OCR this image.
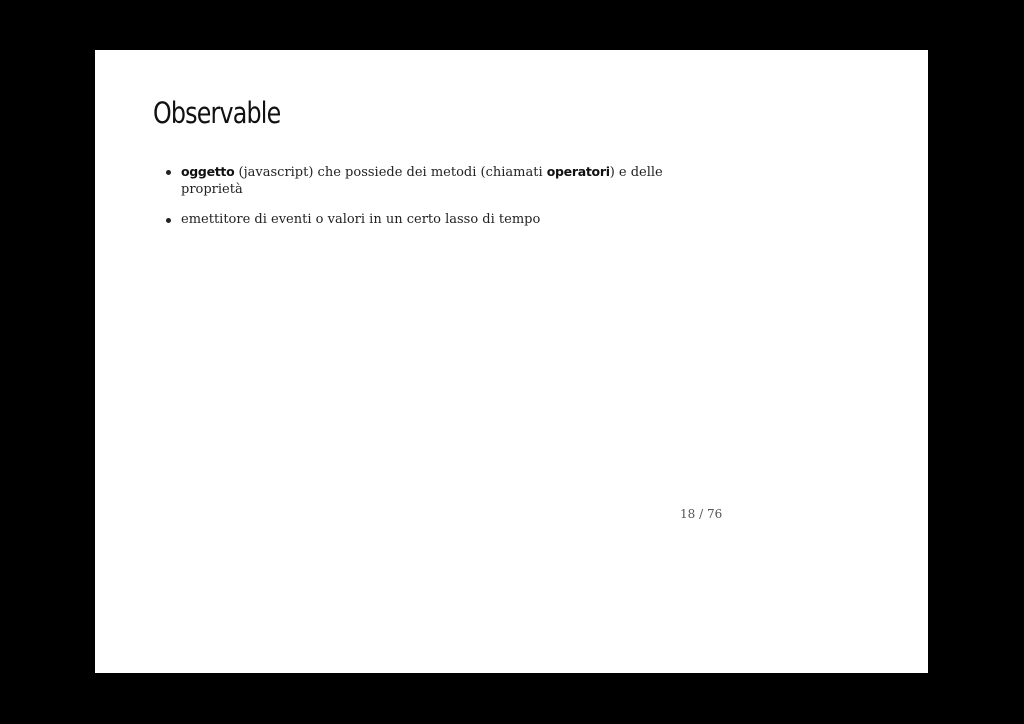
Observable
oggetto (javascript) che possiede dei metodi (chiamati operatori) e delle proprietà
emettitore di eventi o valori in un certo lasso di tempo
18 / 76
